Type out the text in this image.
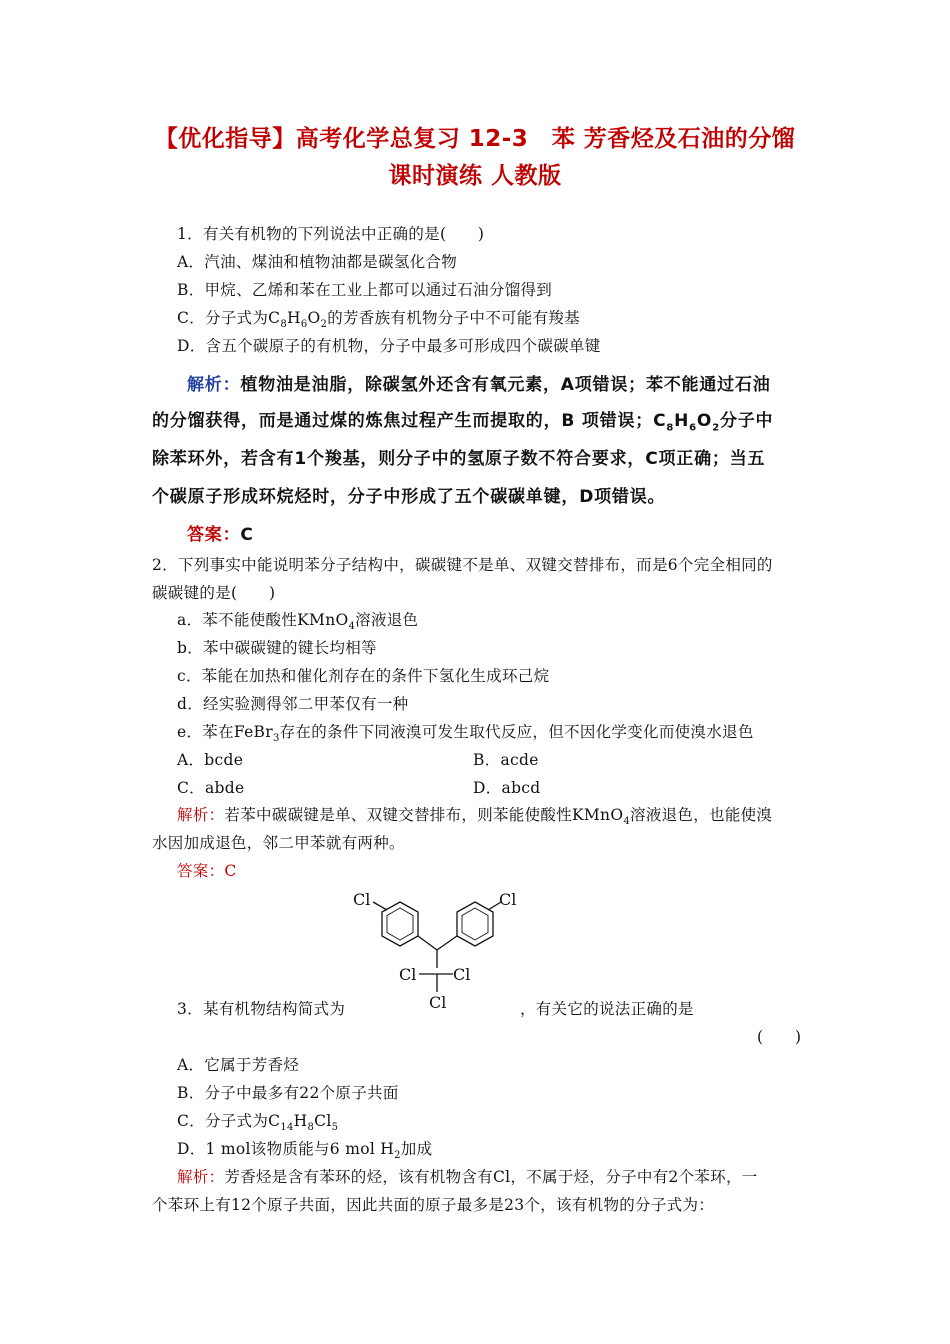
【优化指导】高考化学总复习 12-3　苯 芳香烃及石油的分馏
课时演练 人教版
1．有关有机物的下列说法中正确的是(　　)
A．汽油、煤油和植物油都是碳氢化合物
B．甲烷、乙烯和苯在工业上都可以通过石油分馏得到
C．分子式为$C_8H_6O_2$的芳香族有机物分子中不可能有羧基
D．含五个碳原子的有机物，分子中最多可形成四个碳碳单键
解析：植物油是油脂，除碳氢外还含有氧元素，A项错误；苯不能通过石油
的分馏获得，而是通过煤的炼焦过程产生而提取的，B 项错误；$C_8H_6O_2$分子中
除苯环外，若含有1个羧基，则分子中的氢原子数不符合要求，C项正确；当五
个碳原子形成环烷烃时，分子中形成了五个碳碳单键，D项错误。
答案：C
2．下列事实中能说明苯分子结构中，碳碳键不是单、双键交替排布，而是6个完全相同的
碳碳键的是(　　)
a．苯不能使酸性KMnO$_4$溶液退色
b．苯中碳碳键的键长均相等
c．苯能在加热和催化剂存在的条件下氢化生成环己烷
d．经实验测得邻二甲苯仅有一种
e．苯在FeBr$_3$存在的条件下同液溴可发生取代反应，但不因化学变化而使溴水退色
A．bcde	B．acde
C．abde	D．abcd
解析：若苯中碳碳键是单、双键交替排布，则苯能使酸性KMnO$_4$溶液退色，也能使溴
水因加成退色，邻二甲苯就有两种。
答案：C
Cl	Cl
Cl Cl
Cl
3．某有机物结构简式为	，有关它的说法正确的是
(　　)
A．它属于芳香烃
B．分子中最多有22个原子共面
C．分子式为$C_{14}H_8Cl_5$
D．1 mol该物质能与6 mol $H_2$加成
解析：芳香烃是含有苯环的烃，该有机物含有Cl，不属于烃，分子中有2个苯环，一
个苯环上有12个原子共面，因此共面的原子最多是23个，该有机物的分子式为：
